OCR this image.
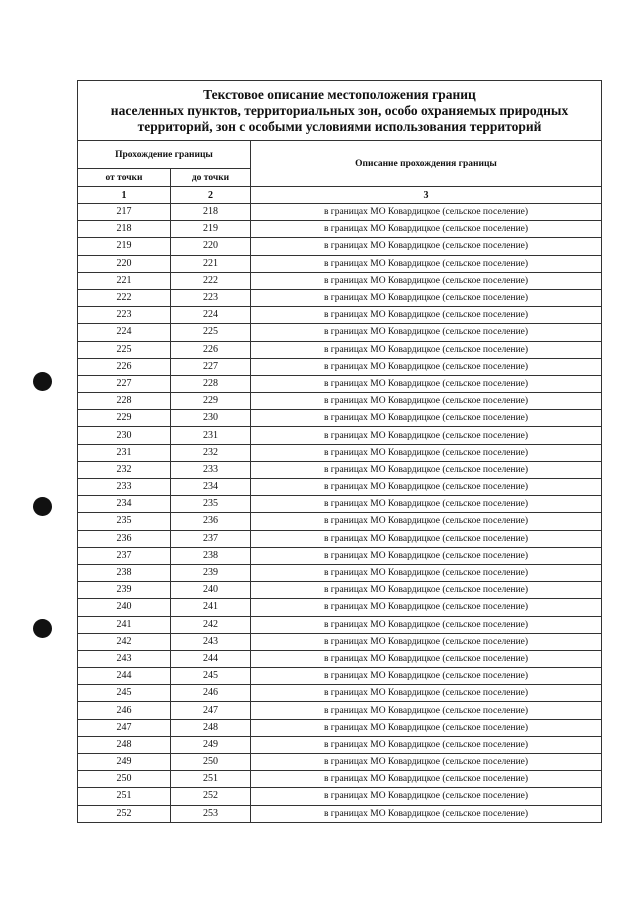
Текстовое описание местоположения границ
населенных пунктов, территориальных зон, особо охраняемых природных
территорий, зон с особыми условиями использования территорий		

Прохождение границы		Описание прохождения границы
от точки	до точки	
1	2	3
217	218	в границах МО Ковардицкое (сельское поселение)
218	219	в границах МО Ковардицкое (сельское поселение)
219	220	в границах МО Ковардицкое (сельское поселение)
220	221	в границах МО Ковардицкое (сельское поселение)
221	222	в границах МО Ковардицкое (сельское поселение)
222	223	в границах МО Ковардицкое (сельское поселение)
223	224	в границах МО Ковардицкое (сельское поселение)
224	225	в границах МО Ковардицкое (сельское поселение)
225	226	в границах МО Ковардицкое (сельское поселение)
226	227	в границах МО Ковардицкое (сельское поселение)
227	228	в границах МО Ковардицкое (сельское поселение)
228	229	в границах МО Ковардицкое (сельское поселение)
229	230	в границах МО Ковардицкое (сельское поселение)
230	231	в границах МО Ковардицкое (сельское поселение)
231	232	в границах МО Ковардицкое (сельское поселение)
232	233	в границах МО Ковардицкое (сельское поселение)
233	234	в границах МО Ковардицкое (сельское поселение)
234	235	в границах МО Ковардицкое (сельское поселение)
235	236	в границах МО Ковардицкое (сельское поселение)
236	237	в границах МО Ковардицкое (сельское поселение)
237	238	в границах МО Ковардицкое (сельское поселение)
238	239	в границах МО Ковардицкое (сельское поселение)
239	240	в границах МО Ковардицкое (сельское поселение)
240	241	в границах МО Ковардицкое (сельское поселение)
241	242	в границах МО Ковардицкое (сельское поселение)
242	243	в границах МО Ковардицкое (сельское поселение)
243	244	в границах МО Ковардицкое (сельское поселение)
244	245	в границах МО Ковардицкое (сельское поселение)
245	246	в границах МО Ковардицкое (сельское поселение)
246	247	в границах МО Ковардицкое (сельское поселение)
247	248	в границах МО Ковардицкое (сельское поселение)
248	249	в границах МО Ковардицкое (сельское поселение)
249	250	в границах МО Ковардицкое (сельское поселение)
250	251	в границах МО Ковардицкое (сельское поселение)
251	252	в границах МО Ковардицкое (сельское поселение)
252	253	в границах МО Ковардицкое (сельское поселение)
